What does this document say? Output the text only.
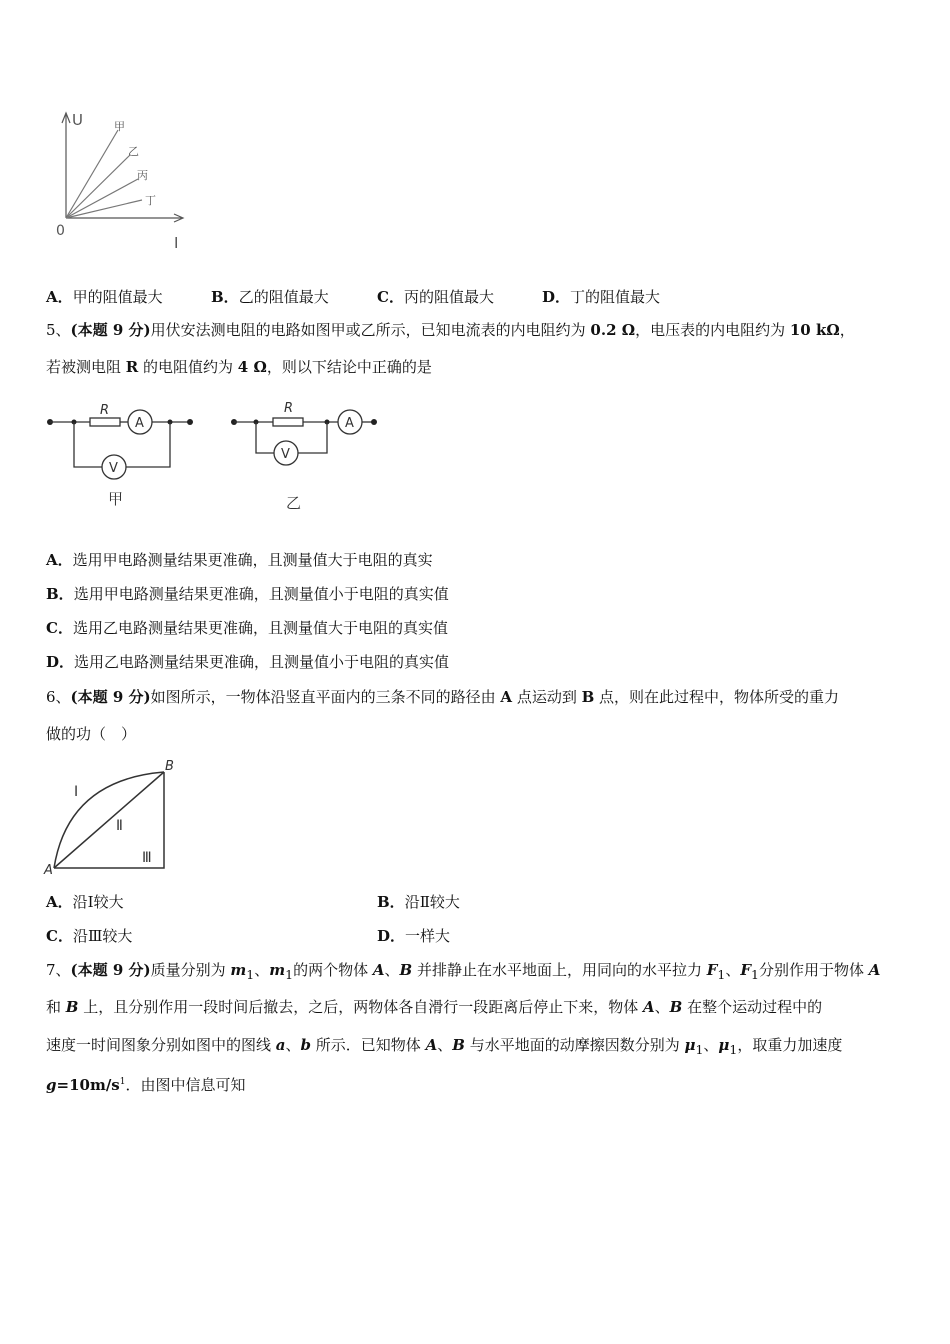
U
I
0
甲
乙
丙
丁
A．甲的阻值最大	B．乙的阻值最大	C．丙的阻值最大	D．丁的阻值最大
5、(本题 9 分)用伏安法测电阻的电路如图甲或乙所示，已知电流表的内电阻约为 0.2 Ω，电压表的内电阻约为 10 kΩ，
若被测电阻 R 的电阻值约为 4 Ω，则以下结论中正确的是
R
A
V
甲
R
A
V
乙
A．选用甲电路测量结果更准确，且测量值大于电阻的真实
B．选用甲电路测量结果更准确，且测量值小于电阻的真实值
C．选用乙电路测量结果更准确，且测量值大于电阻的真实值
D．选用乙电路测量结果更准确，且测量值小于电阻的真实值
6、(本题 9 分)如图所示，一物体沿竖直平面内的三条不同的路径由 A 点运动到 B 点，则在此过程中，物体所受的重力
做的功（　）
A
B
Ⅰ
Ⅱ
Ⅲ
A．沿Ⅰ较大	B．沿Ⅱ较大
C．沿Ⅲ较大	D．一样大
7、(本题 9 分)质量分别为 $m_1$、$m_1$的两个物体 A、B 并排静止在水平地面上，用同向的水平拉力 $F_1$、$F_1$分别作用于物体 A
和 B 上，且分别作用一段时间后撤去，之后，两物体各自滑行一段距离后停止下来，物体 A、B 在整个运动过程中的
速度一时间图象分别如图中的图线 a、b 所示．已知物体 A、B 与水平地面的动摩擦因数分别为 $\mu_1$、$\mu_1$，取重力加速度
$g=10m/s^1$．由图中信息可知
